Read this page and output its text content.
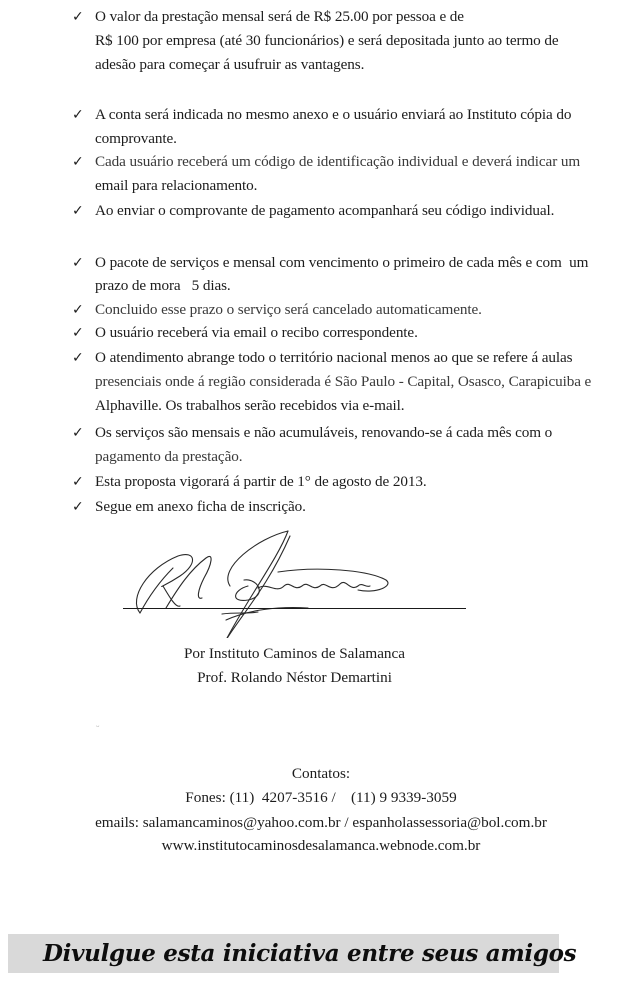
✓ O valor da prestação mensal será de R$ 25.00 por pessoa e de
R$ 100 por empresa (até 30 funcionários) e será depositada junto ao termo de
adesão para começar á usufruir as vantagens.
✓ A conta será indicada no mesmo anexo e o usuário enviará ao Instituto cópia do
comprovante.
✓ Cada usuário receberá um código de identificação individual e deverá indicar um
email para relacionamento.
✓ Ao enviar o comprovante de pagamento acompanhará seu código individual.
✓ O pacote de serviços e mensal com vencimento o primeiro de cada mês e com  um
prazo de mora   5 dias.
✓ Concluido esse prazo o serviço será cancelado automaticamente.
✓ O usuário receberá via email o recibo correspondente.
✓ O atendimento abrange todo o território nacional menos ao que se refere á aulas
presenciais onde á região considerada é São Paulo - Capital, Osasco, Carapicuiba e
Alphaville. Os trabalhos serão recebidos via e-mail.
✓ Os serviços são mensais e não acumuláveis, renovando-se á cada mês com o
pagamento da prestação.
✓ Esta proposta vigorará á partir de 1° de agosto de 2013.
✓ Segue em anexo ficha de inscrição.
Por Instituto Caminos de Salamanca
Prof. Rolando Néstor Demartini
ᵕ
Contatos:
Fones: (11)  4207-3516 /    (11) 9 9339-3059
emails: salamancaminos@yahoo.com.br / espanholassessoria@bol.com.br
www.institutocaminosdesalamanca.webnode.com.br
Divulgue esta iniciativa entre seus amigos
